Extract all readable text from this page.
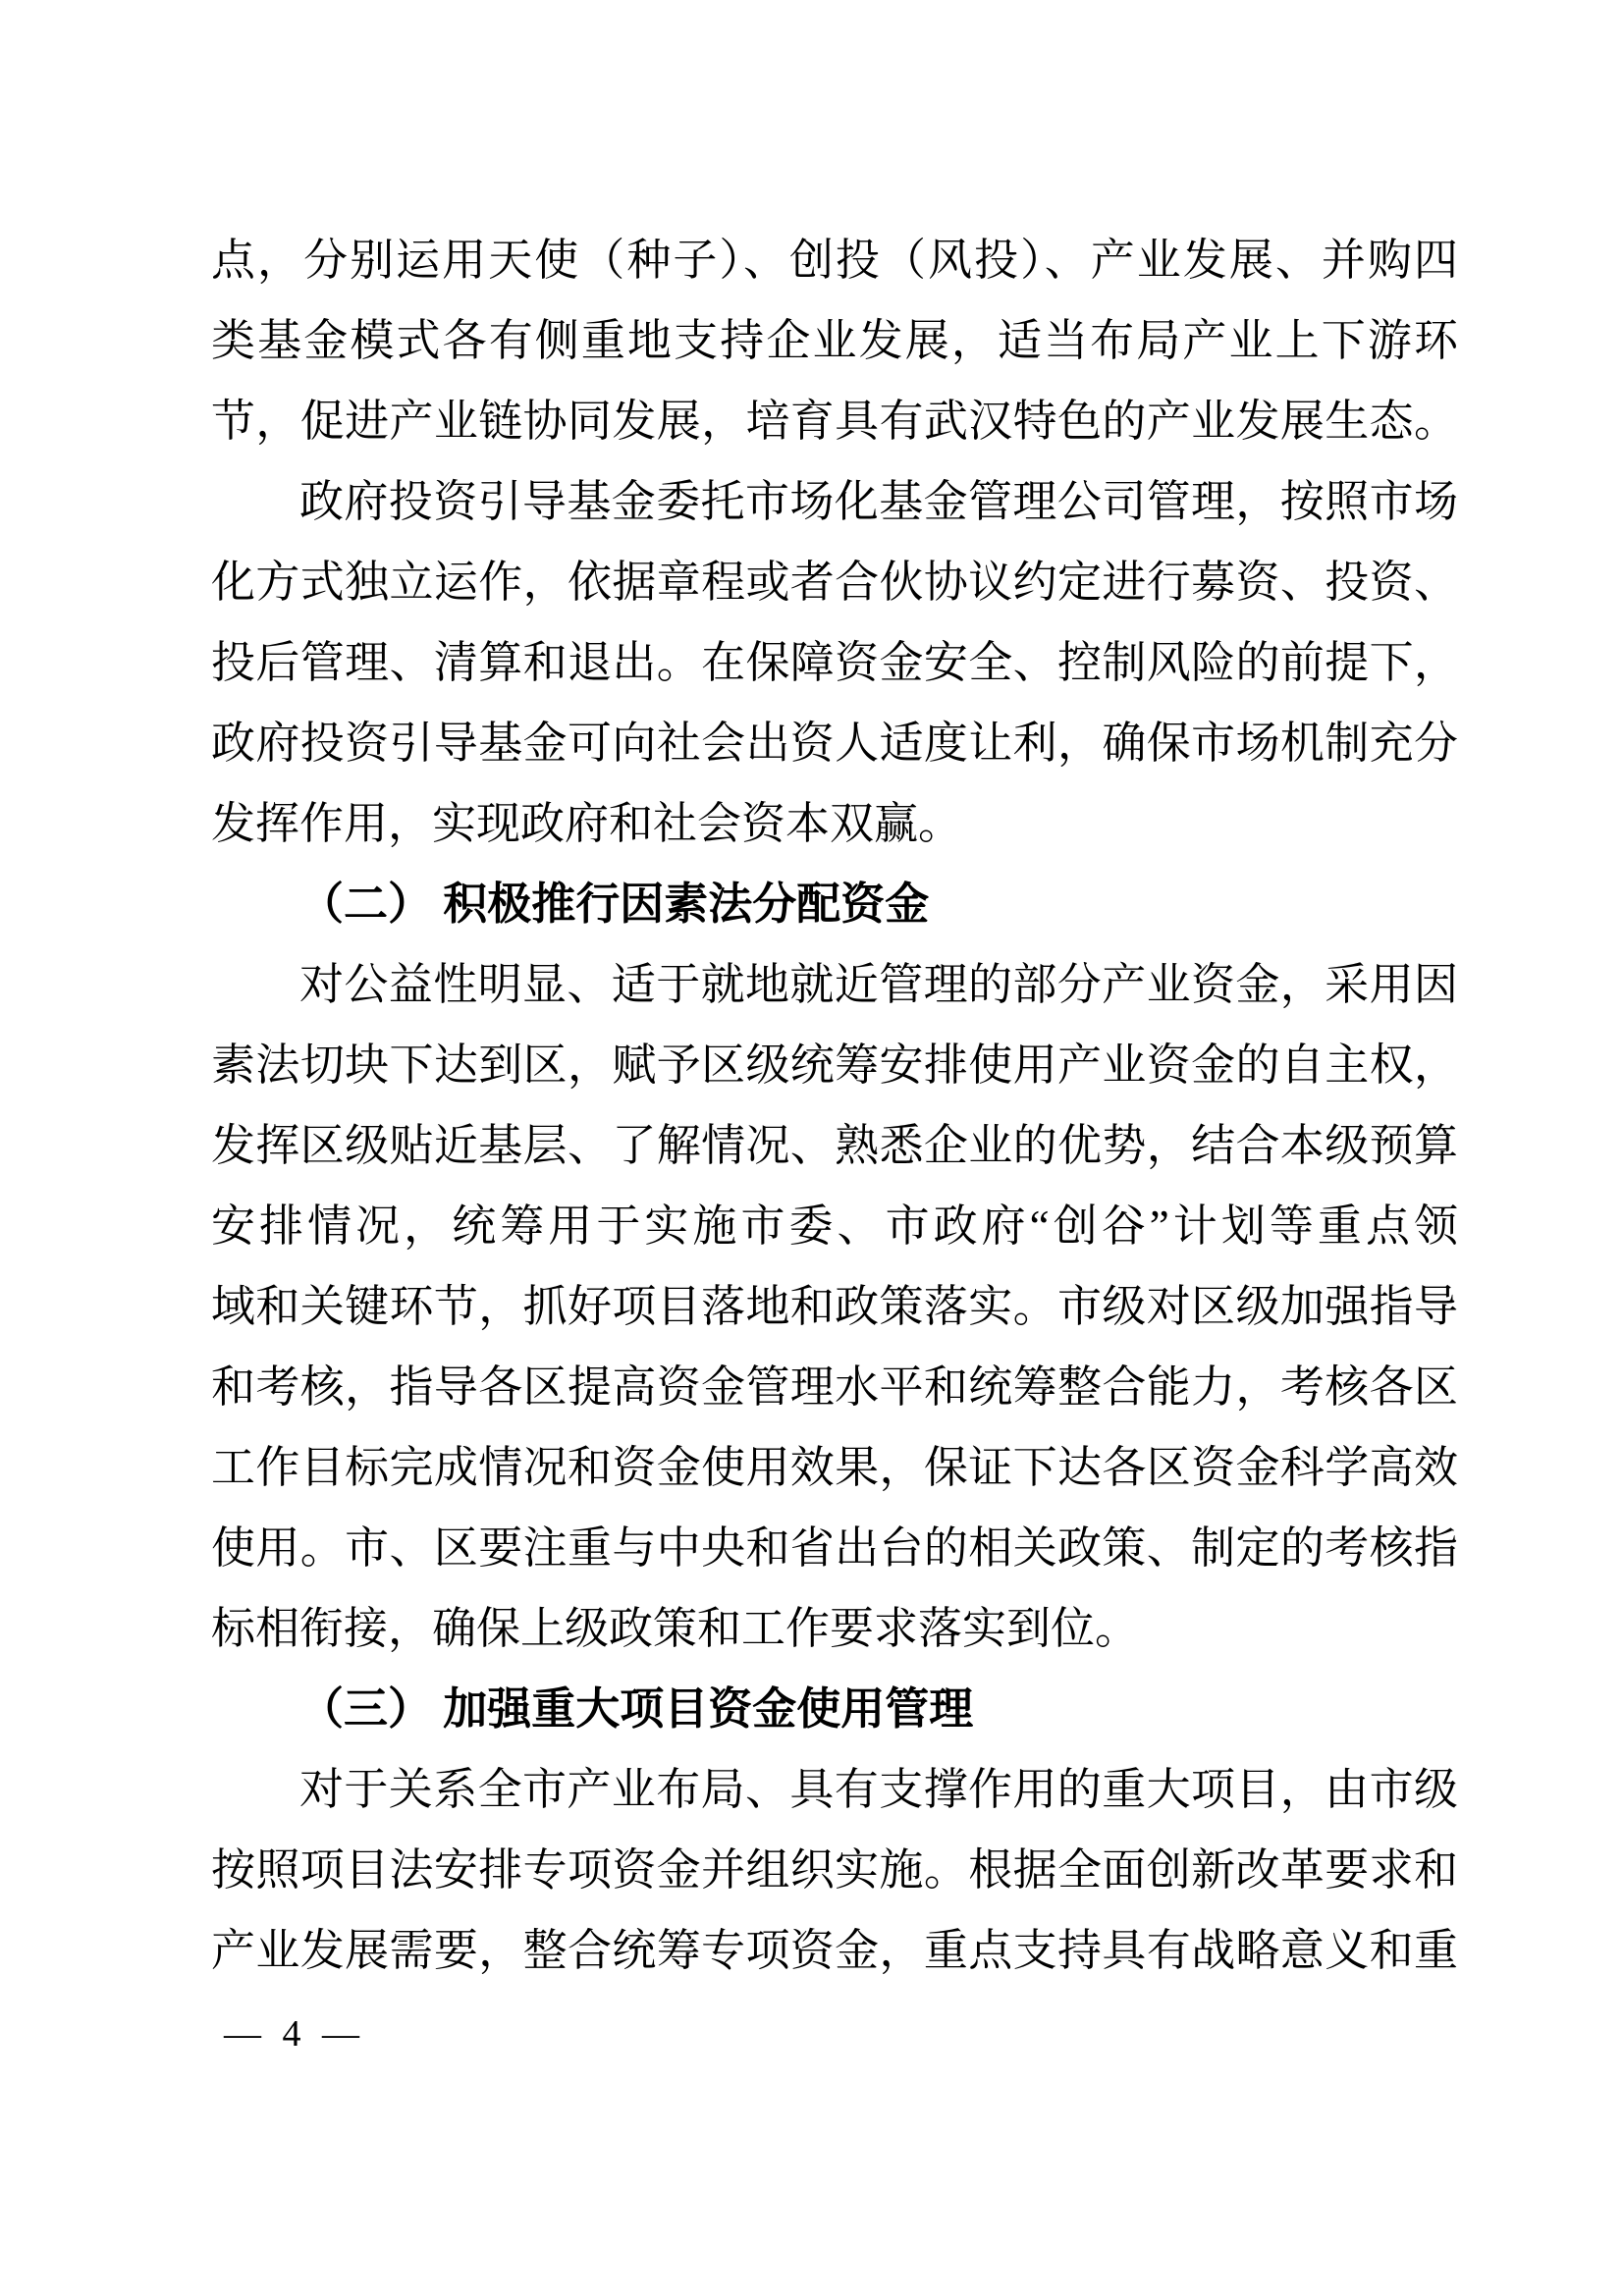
点，分别运用天使（种子）、创投（风投）、产业发展、并购四
类基金模式各有侧重地支持企业发展，适当布局产业上下游环
节，促进产业链协同发展，培育具有武汉特色的产业发展生态。
政府投资引导基金委托市场化基金管理公司管理，按照市场
化方式独立运作，依据章程或者合伙协议约定进行募资、投资、
投后管理、清算和退出。在保障资金安全、控制风险的前提下，
政府投资引导基金可向社会出资人适度让利，确保市场机制充分
发挥作用，实现政府和社会资本双赢。
（二） 积极推行因素法分配资金
对公益性明显、适于就地就近管理的部分产业资金，采用因
素法切块下达到区，赋予区级统筹安排使用产业资金的自主权，
发挥区级贴近基层、了解情况、熟悉企业的优势，结合本级预算
安排情况，统筹用于实施市委、市政府“创谷”计划等重点领
域和关键环节，抓好项目落地和政策落实。市级对区级加强指导
和考核，指导各区提高资金管理水平和统筹整合能力，考核各区
工作目标完成情况和资金使用效果，保证下达各区资金科学高效
使用。市、区要注重与中央和省出台的相关政策、制定的考核指
标相衔接，确保上级政策和工作要求落实到位。
（三） 加强重大项目资金使用管理
对于关系全市产业布局、具有支撑作用的重大项目，由市级
按照项目法安排专项资金并组织实施。根据全面创新改革要求和
产业发展需要，整合统筹专项资金，重点支持具有战略意义和重
— 4 —
